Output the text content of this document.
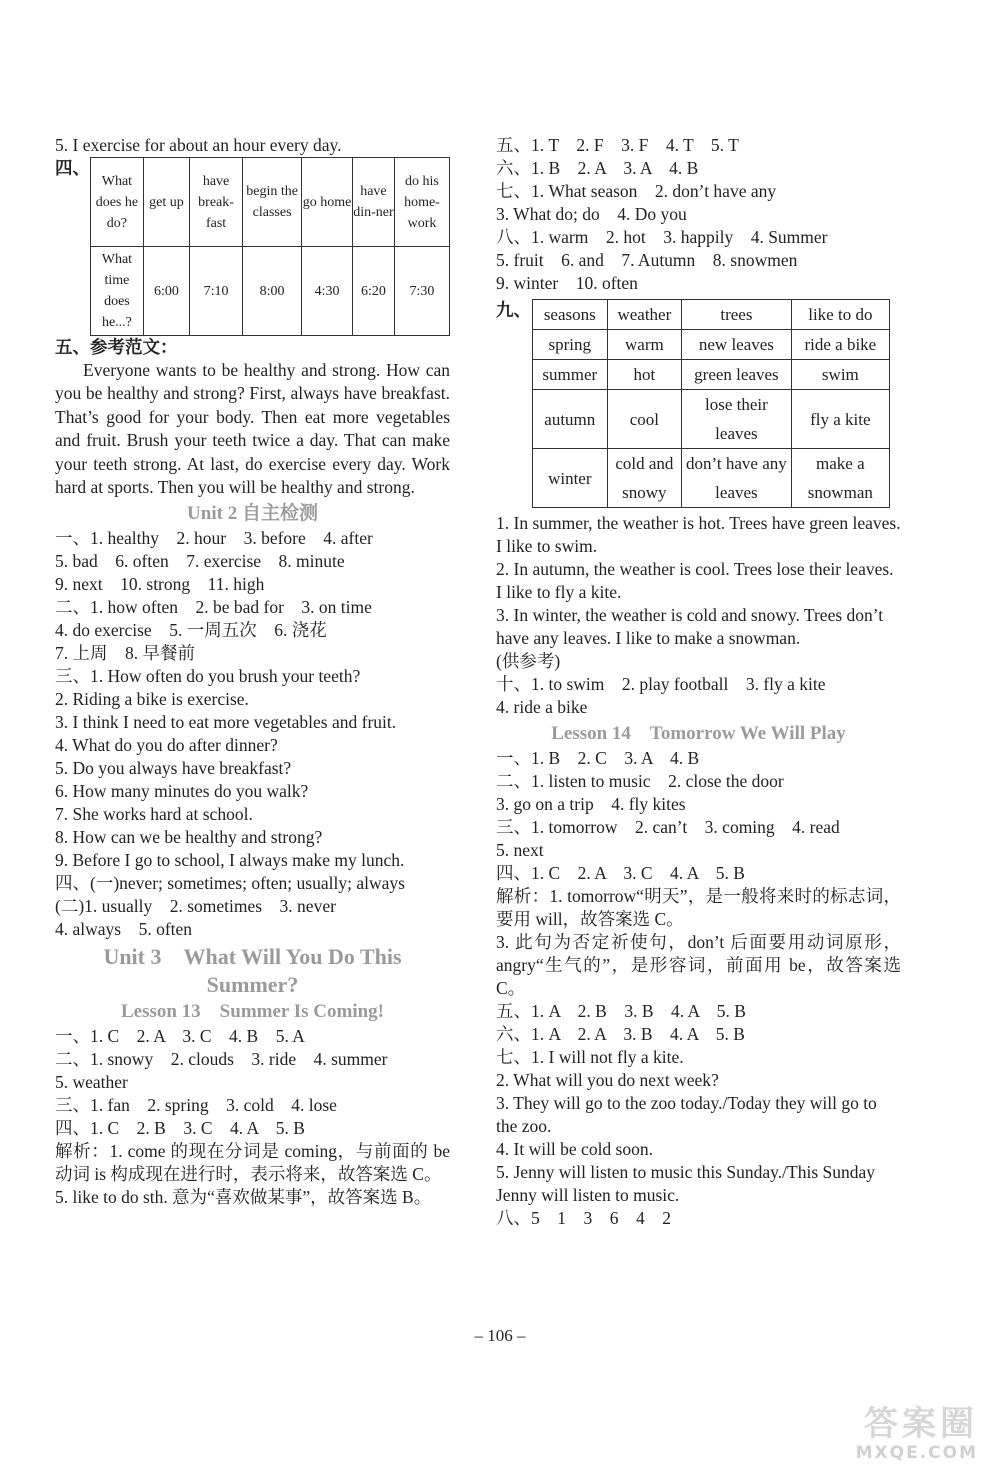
5. I exercise for about an hour every day.
四、
What does he do?	get up	have break-fast	begin the classes	go home	have din-ner	do his home-work
What time does he...?	6:00	7:10	8:00	4:30	6:20	7:30
五、参考范文：
Everyone wants to be healthy and strong. How can you be healthy and strong? First, always have breakfast. That’s good for your body. Then eat more vegetables and fruit. Brush your teeth twice a day. That can make your teeth strong. At last, do exercise every day. Work hard at sports. Then you will be healthy and strong.
Unit 2 自主检测
一、1. healthy　2. hour　3. before　4. after
5. bad　6. often　7. exercise　8. minute
9. next　10. strong　11. high
二、1. how often　2. be bad for　3. on time
4. do exercise　5. 一周五次　6. 浇花
7. 上周　8. 早餐前
三、1. How often do you brush your teeth?
2. Riding a bike is exercise.
3. I think I need to eat more vegetables and fruit.
4. What do you do after dinner?
5. Do you always have breakfast?
6. How many minutes do you walk?
7. She works hard at school.
8. How can we be healthy and strong?
9. Before I go to school, I always make my lunch.
四、(一)never; sometimes; often; usually; always
(二)1. usually　2. sometimes　3. never
4. always　5. often
Unit 3　What Will You Do This
Summer?
Lesson 13　Summer Is Coming!
一、1. C　2. A　3. C　4. B　5. A
二、1. snowy　2. clouds　3. ride　4. summer
5. weather
三、1. fan　2. spring　3. cold　4. lose
四、1. C　2. B　3. C　4. A　5. B
解析：1. come 的现在分词是 coming，与前面的 be 动词 is 构成现在进行时，表示将来，故答案选 C。
5. like to do sth. 意为“喜欢做某事”，故答案选 B。
五、1. T　2. F　3. F　4. T　5. T
六、1. B　2. A　3. A　4. B
七、1. What season　2. don’t have any
3. What do; do　4. Do you
八、1. warm　2. hot　3. happily　4. Summer
5. fruit　6. and　7. Autumn　8. snowmen
9. winter　10. often
九、 seasons	weather	trees	like to do
spring	warm	new leaves	ride a bike
summer	hot	green leaves	swim
autumn	cool	lose their leaves	fly a kite
winter	cold and snowy	don’t have any leaves	make a snowman
1. In summer, the weather is hot. Trees have green leaves. I like to swim.
2. In autumn, the weather is cool. Trees lose their leaves. I like to fly a kite.
3. In winter, the weather is cold and snowy. Trees don’t have any leaves. I like to make a snowman.
(供参考)
十、1. to swim　2. play football　3. fly a kite
4. ride a bike
Lesson 14　Tomorrow We Will Play
一、1. B　2. C　3. A　4. B
二、1. listen to music　2. close the door
3. go on a trip　4. fly kites
三、1. tomorrow　2. can’t　3. coming　4. read
5. next
四、1. C　2. A　3. C　4. A　5. B
解析：1. tomorrow“明天”，是一般将来时的标志词，要用 will，故答案选 C。
3. 此句为否定祈使句，don’t 后面要用动词原形，angry“生气的”，是形容词，前面用 be，故答案选 C。
五、1. A　2. B　3. B　4. A　5. B
六、1. A　2. A　3. B　4. A　5. B
七、1. I will not fly a kite.
2. What will you do next week?
3. They will go to the zoo today./Today they will go to the zoo.
4. It will be cold soon.
5. Jenny will listen to music this Sunday./This Sunday Jenny will listen to music.
八、5　1　3　6　4　2
– 106 –
答案圈
MXQE.COM
